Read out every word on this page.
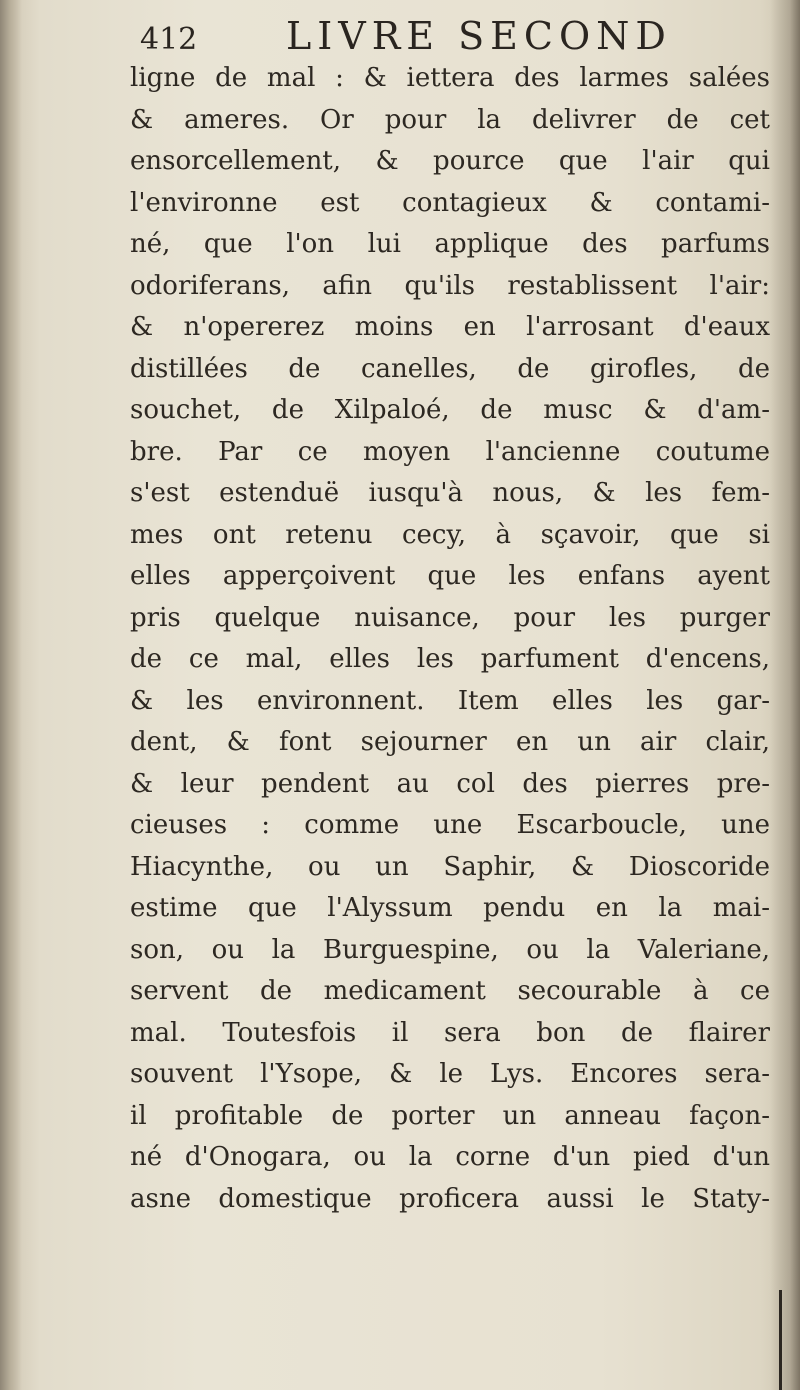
412 LIVRE SECOND
ligne de mal : & iettera des larmes salées
& ameres. Or pour la delivrer de cet
ensorcellement, & pource que l'air qui
l'environne est contagieux & contami-
né, que l'on lui applique des parfums
odoriferans, afin qu'ils restablissent l'air:
& n'opererez moins en l'arrosant d'eaux
distillées de canelles, de girofles, de
souchet, de Xilpaloé, de musc & d'am-
bre. Par ce moyen l'ancienne coutume
s'est estenduë iusqu'à nous, & les fem-
mes ont retenu cecy, à sçavoir, que si
elles apperçoivent que les enfans ayent
pris quelque nuisance, pour les purger
de ce mal, elles les parfument d'encens,
& les environnent. Item elles les gar-
dent, & font sejourner en un air clair,
& leur pendent au col des pierres pre-
cieuses : comme une Escarboucle, une
Hiacynthe, ou un Saphir, & Dioscoride
estime que l'Alyssum pendu en la mai-
son, ou la Burguespine, ou la Valeriane,
servent de medicament secourable à ce
mal. Toutesfois il sera bon de flairer
souvent l'Ysope, & le Lys. Encores sera-
il profitable de porter un anneau façon-
né d'Onogara, ou la corne d'un pied d'un
asne domestique proficera aussi le Staty-
